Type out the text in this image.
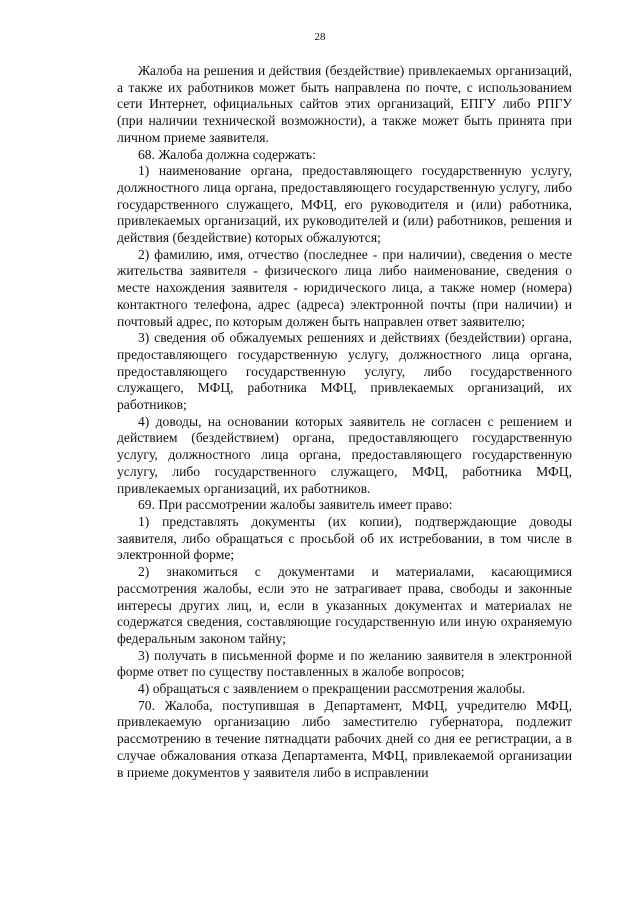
28

Жалоба на решения и действия (бездействие) привлекаемых организаций, а также их работников может быть направлена по почте, с использованием сети Интернет, официальных сайтов этих организаций, ЕПГУ либо РПГУ (при наличии технической возможности), а также может быть принята при личном приеме заявителя.

68. Жалоба должна содержать:

1) наименование органа, предоставляющего государственную услугу, должностного лица органа, предоставляющего государственную услугу, либо государственного служащего, МФЦ, его руководителя и (или) работника, привлекаемых организаций, их руководителей и (или) работников, решения и действия (бездействие) которых обжалуются;

2) фамилию, имя, отчество (последнее - при наличии), сведения о месте жительства заявителя - физического лица либо наименование, сведения о месте нахождения заявителя - юридического лица, а также номер (номера) контактного телефона, адрес (адреса) электронной почты (при наличии) и почтовый адрес, по которым должен быть направлен ответ заявителю;

3) сведения об обжалуемых решениях и действиях (бездействии) органа, предоставляющего государственную услугу, должностного лица органа, предоставляющего государственную услугу, либо государственного служащего, МФЦ, работника МФЦ, привлекаемых организаций, их работников;

4) доводы, на основании которых заявитель не согласен с решением и действием (бездействием) органа, предоставляющего государственную услугу, должностного лица органа, предоставляющего государственную услугу, либо государственного служащего, МФЦ, работника МФЦ, привлекаемых организаций, их работников.

69. При рассмотрении жалобы заявитель имеет право:

1) представлять документы (их копии), подтверждающие доводы заявителя, либо обращаться с просьбой об их истребовании, в том числе в электронной форме;

2) знакомиться с документами и материалами, касающимися рассмотрения жалобы, если это не затрагивает права, свободы и законные интересы других лиц, и, если в указанных документах и материалах не содержатся сведения, составляющие государственную или иную охраняемую федеральным законом тайну;

3) получать в письменной форме и по желанию заявителя в электронной форме ответ по существу поставленных в жалобе вопросов;

4) обращаться с заявлением о прекращении рассмотрения жалобы.

70. Жалоба, поступившая в Департамент, МФЦ, учредителю МФЦ, привлекаемую организацию либо заместителю губернатора, подлежит рассмотрению в течение пятнадцати рабочих дней со дня ее регистрации, а в случае обжалования отказа Департамента, МФЦ, привлекаемой организации в приеме документов у заявителя либо в исправлении
